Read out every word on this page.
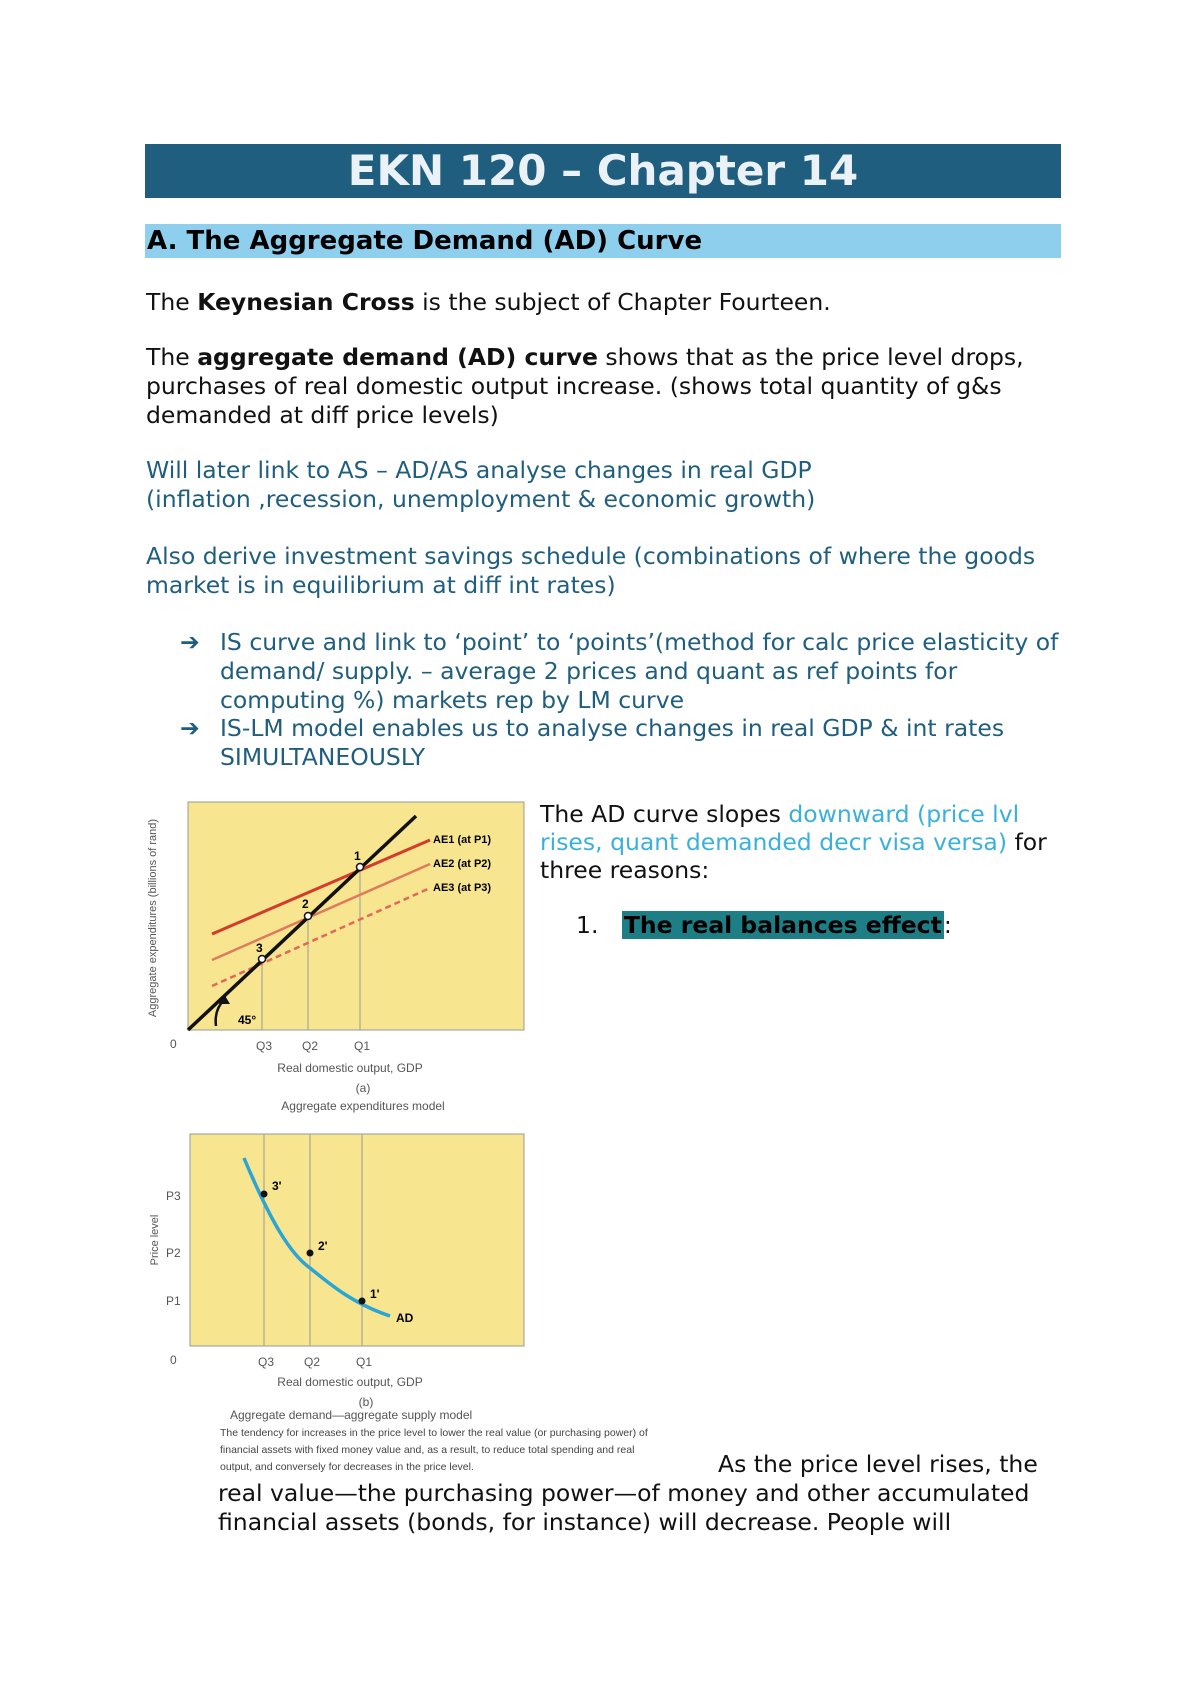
EKN 120 – Chapter 14
A. The Aggregate Demand (AD) Curve
The Keynesian Cross is the subject of Chapter Fourteen.
The aggregate demand (AD) curve shows that as the price level drops, purchases of real domestic output increase. (shows total quantity of g&s demanded at diff price levels)
Will later link to AS – AD/AS analyse changes in real GDP
(inflation ,recession, unemployment & economic growth)
Also derive investment savings schedule (combinations of where the goods market is in equilibrium at diff int rates)
➔ IS curve and link to ‘point’ to ‘points’(method for calc price elasticity of demand/ supply. – average 2 prices and quant as ref points for computing %) markets rep by LM curve
➔ IS-LM model enables us to analyse changes in real GDP & int rates SIMULTANEOUSLY
1
2
3
45°
AE1 (at P1)
AE2 (at P2)
AE3 (at P3)
0	Q3 Q2	Q1
Real domestic output, GDP
(a)
Aggregate expenditures model
Aggregate expenditures (billions of rand)
3'
2'
1'
AD
P3
P2
P1
0	Q3 Q2	Q1
Real domestic output, GDP
(b)
Price level
Aggregate demand—aggregate supply model
The tendency for increases in the price level to lower the real value (or purchasing power) of
financial assets with fixed money value and, as a result, to reduce total spending and real
output, and conversely for decreases in the price level.
The AD curve slopes downward (price lvl rises, quant demanded decr visa versa) for three reasons:
1. The real balances effect:
As the price level rises, the
real value—the purchasing power—of money and other accumulated financial assets (bonds, for instance) will decrease. People will
